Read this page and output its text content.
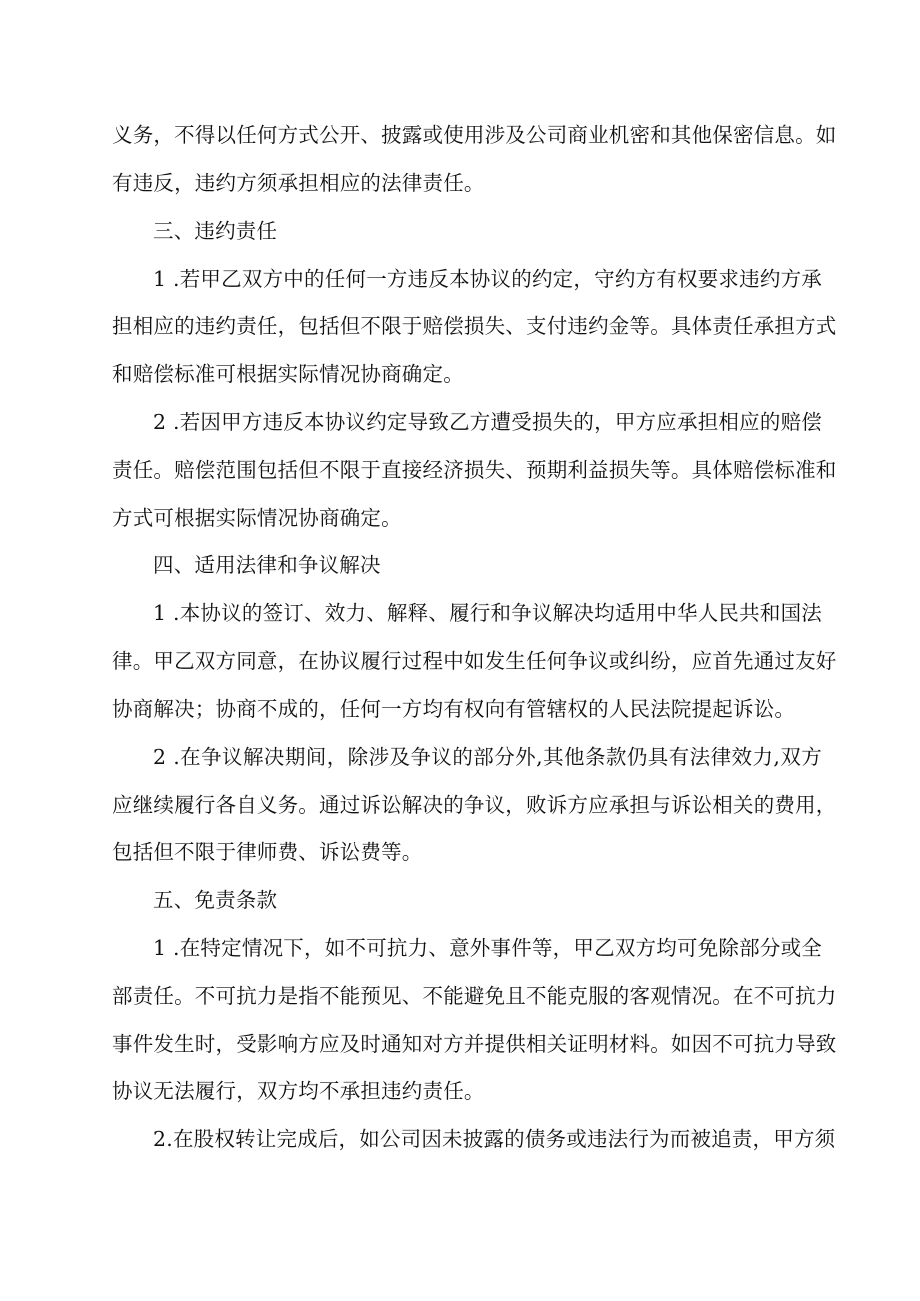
义务，不得以任何方式公开、披露或使用涉及公司商业机密和其他保密信息。如
有违反，违约方须承担相应的法律责任。
三、违约责任
1 .若甲乙双方中的任何一方违反本协议的约定，守约方有权要求违约方承
担相应的违约责任，包括但不限于赔偿损失、支付违约金等。具体责任承担方式
和赔偿标准可根据实际情况协商确定。
2 .若因甲方违反本协议约定导致乙方遭受损失的，甲方应承担相应的赔偿
责任。赔偿范围包括但不限于直接经济损失、预期利益损失等。具体赔偿标准和
方式可根据实际情况协商确定。
四、适用法律和争议解决
1 .本协议的签订、效力、解释、履行和争议解决均适用中华人民共和国法
律。甲乙双方同意，在协议履行过程中如发生任何争议或纠纷，应首先通过友好
协商解决；协商不成的，任何一方均有权向有管辖权的人民法院提起诉讼。
2 .在争议解决期间，除涉及争议的部分外,其他条款仍具有法律效力,双方
应继续履行各自义务。通过诉讼解决的争议，败诉方应承担与诉讼相关的费用，
包括但不限于律师费、诉讼费等。
五、免责条款
1 .在特定情况下，如不可抗力、意外事件等，甲乙双方均可免除部分或全
部责任。不可抗力是指不能预见、不能避免且不能克服的客观情况。在不可抗力
事件发生时，受影响方应及时通知对方并提供相关证明材料。如因不可抗力导致
协议无法履行，双方均不承担违约责任。
2.在股权转让完成后，如公司因未披露的债务或违法行为而被追责，甲方须
